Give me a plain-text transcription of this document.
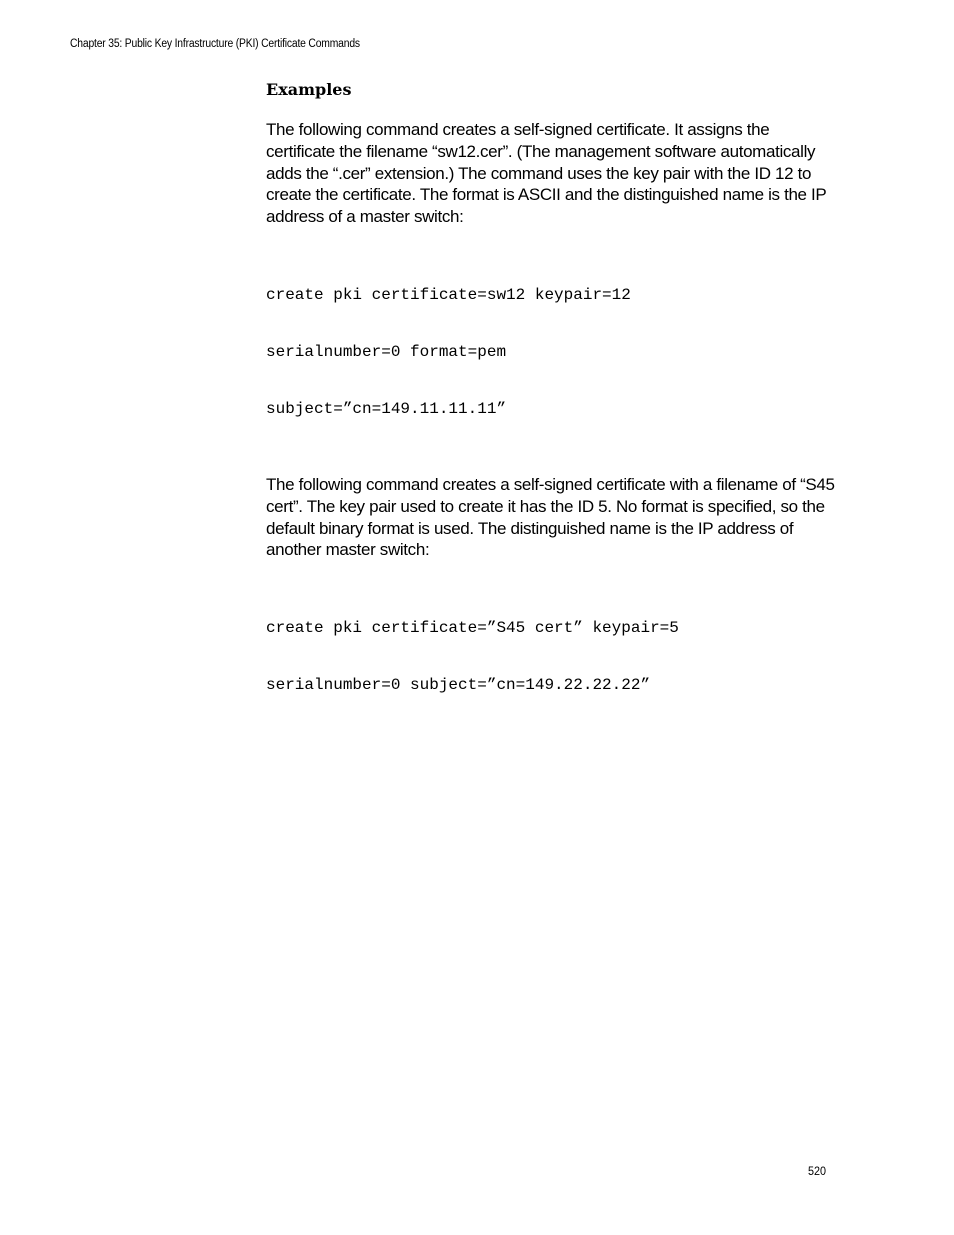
Chapter 35: Public Key Infrastructure (PKI) Certificate Commands
Examples

The following command creates a self-signed certificate. It assigns the certificate the filename “sw12.cer”. (The management software automatically adds the “.cer” extension.) The command uses the key pair with the ID 12 to create the certificate. The format is ASCII and the distinguished name is the IP address of a master switch:

create pki certificate=sw12 keypair=12

serialnumber=0 format=pem

subject=”cn=149.11.11.11”

The following command creates a self-signed certificate with a filename of “S45 cert”. The key pair used to create it has the ID 5. No format is specified, so the default binary format is used. The distinguished name is the IP address of another master switch:

create pki certificate=”S45 cert” keypair=5

serialnumber=0 subject=”cn=149.22.22.22”

520
